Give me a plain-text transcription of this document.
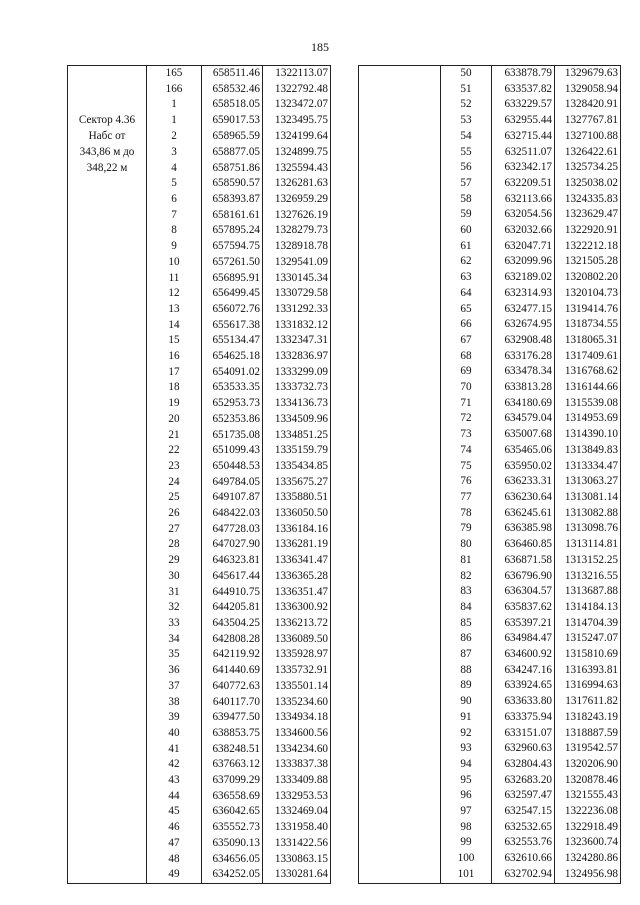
185
	165	658511.46	1322113.07
	166	658532.46	1322792.48
	1	658518.05	1323472.07

Сектор 4.36
Набс от
343,86 м до
348,22 м	1	659017.53	1323495.75
	2	658965.59	1324199.64
	3	658877.05	1324899.75
	4	658751.86	1325594.43
	5	658590.57	1326281.63
	6	658393.87	1326959.29
	7	658161.61	1327626.19
	8	657895.24	1328279.73
	9	657594.75	1328918.78
	10	657261.50	1329541.09
	11	656895.91	1330145.34
	12	656499.45	1330729.58
	13	656072.76	1331292.33
	14	655617.38	1331832.12
	15	655134.47	1332347.31
	16	654625.18	1332836.97
	17	654091.02	1333299.09
	18	653533.35	1333732.73
	19	652953.73	1334136.73
	20	652353.86	1334509.96
	21	651735.08	1334851.25
	22	651099.43	1335159.79
	23	650448.53	1335434.85
	24	649784.05	1335675.27
	25	649107.87	1335880.51
	26	648422.03	1336050.50
	27	647728.03	1336184.16
	28	647027.90	1336281.19
	29	646323.81	1336341.47
	30	645617.44	1336365.28
	31	644910.75	1336351.47
	32	644205.81	1336300.92
	33	643504.25	1336213.72
	34	642808.28	1336089.50
	35	642119.92	1335928.97
	36	641440.69	1335732.91
	37	640772.63	1335501.14
	38	640117.70	1335234.60
	39	639477.50	1334934.18
	40	638853.75	1334600.56
	41	638248.51	1334234.60
	42	637663.12	1333837.38
	43	637099.29	1333409.88
	44	636558.69	1332953.53
	45	636042.65	1332469.04
	46	635552.73	1331958.40
	47	635090.13	1331422.56
	48	634656.05	1330863.15
	49	634252.05	1330281.64
	50	633878.79	1329679.63
	51	633537.82	1329058.94
	52	633229.57	1328420.91
	53	632955.44	1327767.81
	54	632715.44	1327100.88
	55	632511.07	1326422.61
	56	632342.17	1325734.25
	57	632209.51	1325038.02
	58	632113.66	1324335.83
	59	632054.56	1323629.47
	60	632032.66	1322920.91
	61	632047.71	1322212.18
	62	632099.96	1321505.28
	63	632189.02	1320802.20
	64	632314.93	1320104.73
	65	632477.15	1319414.76
	66	632674.95	1318734.55
	67	632908.48	1318065.31
	68	633176.28	1317409.61
	69	633478.34	1316768.62
	70	633813.28	1316144.66
	71	634180.69	1315539.08
	72	634579.04	1314953.69
	73	635007.68	1314390.10
	74	635465.06	1313849.83
	75	635950.02	1313334.47
	76	636233.31	1313063.27
	77	636230.64	1313081.14
	78	636245.61	1313082.88
	79	636385.98	1313098.76
	80	636460.85	1313114.81
	81	636871.58	1313152.25
	82	636796.90	1313216.55
	83	636304.57	1313687.88
	84	635837.62	1314184.13
	85	635397.21	1314704.39
	86	634984.47	1315247.07
	87	634600.92	1315810.69
	88	634247.16	1316393.81
	89	633924.65	1316994.63
	90	633633.80	1317611.82
	91	633375.94	1318243.19
	92	633151.07	1318887.59
	93	632960.63	1319542.57
	94	632804.43	1320206.90
	95	632683.20	1320878.46
	96	632597.47	1321555.43
	97	632547.15	1322236.08
	98	632532.65	1322918.49
	99	632553.76	1323600.74
	100	632610.66	1324280.86
	101	632702.94	1324956.98
